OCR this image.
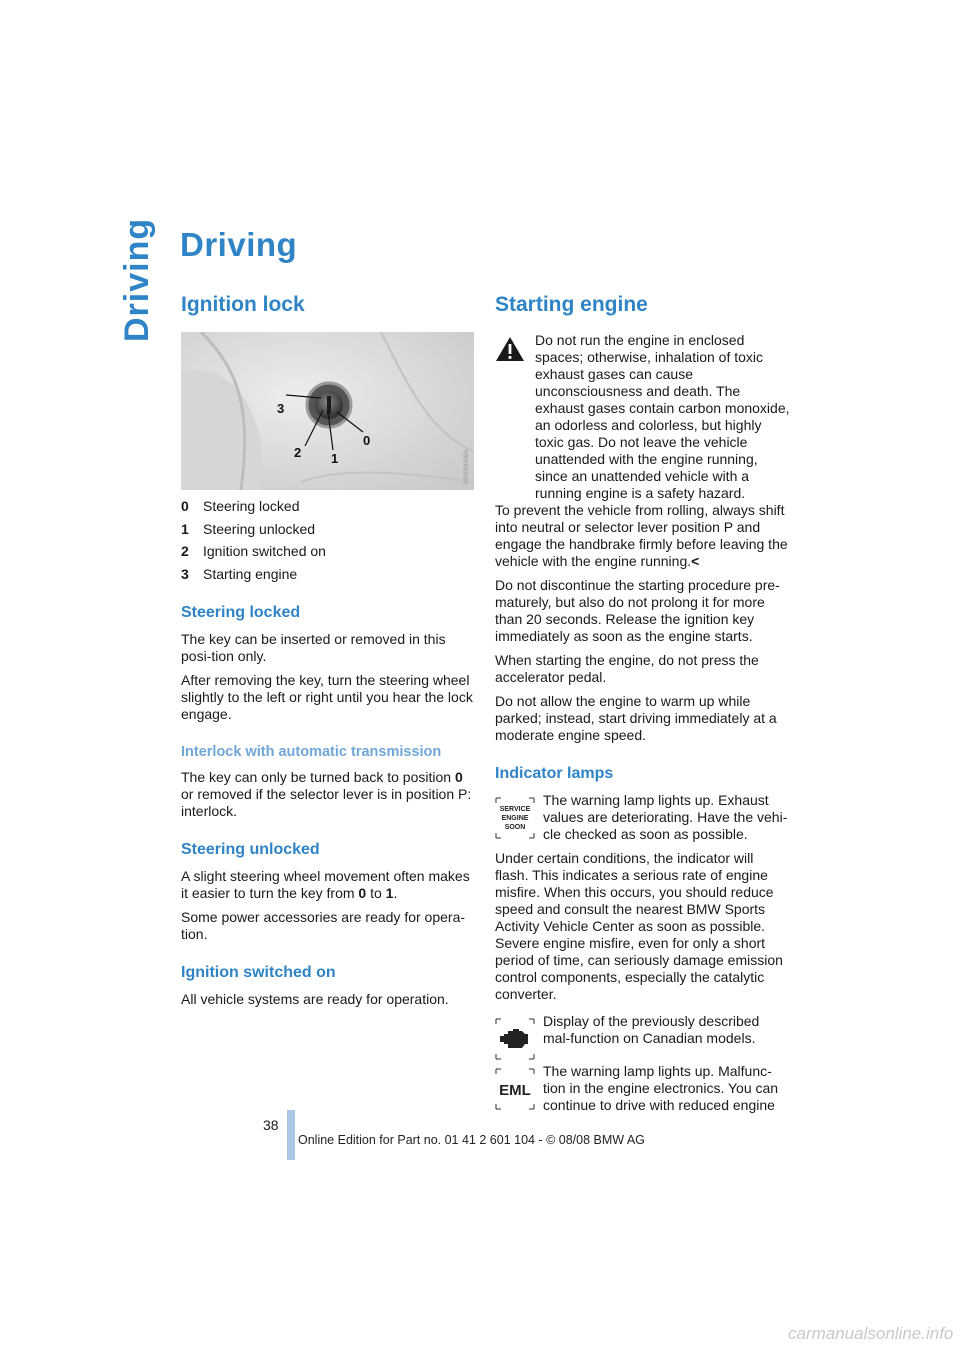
Driving Driving
Ignition lock
3
2 1
0
MV08306MA
0	Steering locked
1	Steering unlocked
2	Ignition switched on
3	Starting engine
Steering locked

The key can be inserted or removed in this posi-tion only.

After removing the key, turn the steering wheel slightly to the left or right until you hear the lock engage.

Interlock with automatic transmission

The key can only be turned back to position 0 or removed if the selector lever is in position P: interlock.

Steering unlocked

A slight steering wheel movement often makes it easier to turn the key from 0 to 1.

Some power accessories are ready for opera-tion.

Ignition switched on

All vehicle systems are ready for operation.

Starting engine
Do not run the engine in enclosed spaces; otherwise, inhalation of toxic exhaust gases can cause unconsciousness and death. The exhaust gases contain carbon monoxide, an odorless and colorless, but highly toxic gas. Do not leave the vehicle unattended with the engine running, since an unattended vehicle with a running engine is a safety hazard.

To prevent the vehicle from rolling, always shift into neutral or selector lever position P and engage the handbrake firmly before leaving the vehicle with the engine running.<

Do not discontinue the starting procedure pre-maturely, but also do not prolong it for more than 20 seconds. Release the ignition key immediately as soon as the engine starts.

When starting the engine, do not press the accelerator pedal.

Do not allow the engine to warm up while parked; instead, start driving immediately at a moderate engine speed.

Indicator lamps
SERVICE
ENGINE
SOON

The warning lamp lights up. Exhaust values are deteriorating. Have the vehi-cle checked as soon as possible.

Under certain conditions, the indicator will flash. This indicates a serious rate of engine misfire. When this occurs, you should reduce speed and consult the nearest BMW Sports Activity Vehicle Center as soon as possible. Severe engine misfire, even for only a short period of time, can seriously damage emission control components, especially the catalytic converter.

Display of the previously described mal-function on Canadian models.

EML

The warning lamp lights up. Malfunc-tion in the engine electronics. You can continue to drive with reduced engine

38
Online Edition for Part no. 01 41 2 601 104 - © 08/08 BMW AG
carmanualsonline.info
